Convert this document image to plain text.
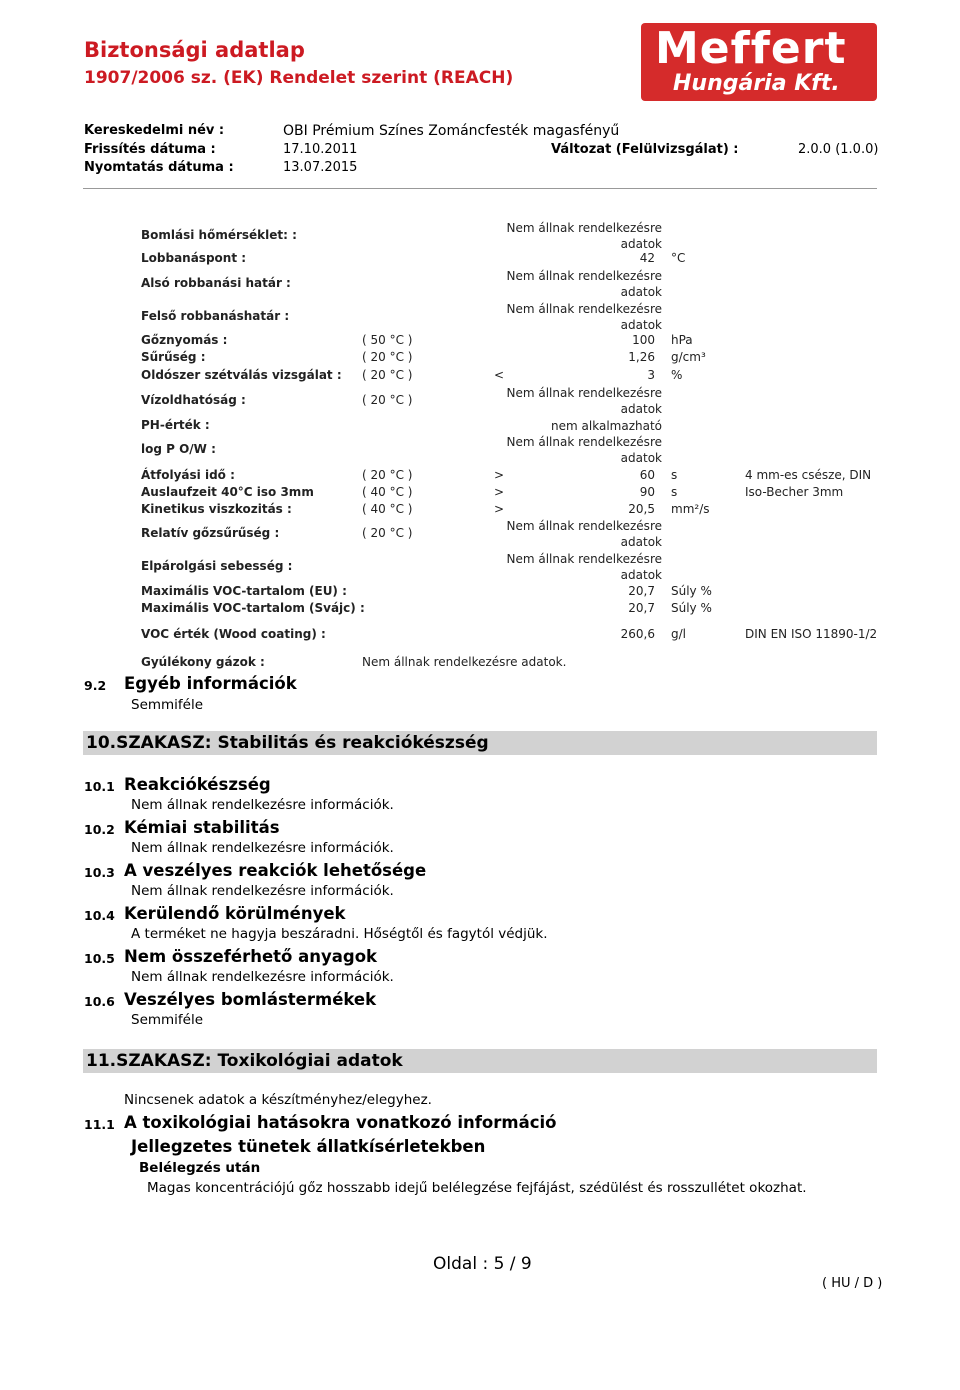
Biztonsági adatlap
1907/2006 sz. (EK) Rendelet szerint (REACH)
Meffert
Hungária Kft.
Kereskedelmi név :	OBI Prémium Színes Zománcfesték magasfényű
Frissítés dátuma :	17.10.2011	Változat (Felülvizsgálat) :	2.0.0 (1.0.0)
Nyomtatás dátuma :	13.07.2015
Bomlási hőmérséklet: :	Nem állnak rendelkezésre adatok
Lobbanáspont :	42 °C
Alsó robbanási határ :	Nem állnak rendelkezésre adatok
Felső robbanáshatár :	Nem állnak rendelkezésre adatok
Gőznyomás :	( 50 °C )	100 hPa
Sűrűség :	( 20 °C )	1,26 g/cm³
Oldószer szétválás vizsgálat : ( 20 °C )	<	3 %
Vízoldhatóság :	( 20 °C )	Nem állnak rendelkezésre adatok
PH-érték :	nem alkalmazható
log P O/W :	Nem állnak rendelkezésre adatok
Átfolyási idő :	( 20 °C )	>	60 s	4 mm-es csésze, DIN
Auslaufzeit 40°C iso 3mm	( 40 °C )	>	90 s	Iso-Becher 3mm
Kinetikus viszkozitás :	( 40 °C )	>	20,5 mm²/s
Relatív gőzsűrűség :	( 20 °C )	Nem állnak rendelkezésre adatok
Elpárolgási sebesség :	Nem állnak rendelkezésre adatok
Maximális VOC-tartalom (EU) :	20,7 Súly %
Maximális VOC-tartalom (Svájc) :	20,7 Súly %
VOC érték (Wood coating) :	260,6 g/l	DIN EN ISO 11890-1/2
Gyúlékony gázok :	Nem állnak rendelkezésre adatok.
9.2 Egyéb információk
Semmiféle
10.SZAKASZ: Stabilitás és reakciókészség
10.1 Reakciókészség
Nem állnak rendelkezésre információk.
10.2 Kémiai stabilitás
Nem állnak rendelkezésre információk.
10.3 A veszélyes reakciók lehetősége
Nem állnak rendelkezésre információk.
10.4 Kerülendő körülmények
A terméket ne hagyja beszáradni. Hőségtől és fagytól védjük.
10.5 Nem összeférhető anyagok
Nem állnak rendelkezésre információk.
10.6 Veszélyes bomlástermékek
Semmiféle
11.SZAKASZ: Toxikológiai adatok
Nincsenek adatok a készítményhez/elegyhez.
11.1 A toxikológiai hatásokra vonatkozó információ
Jellegzetes tünetek állatkísérletekben
Belélegzés után
Magas koncentrációjú gőz hosszabb idejű belélegzése fejfájást, szédülést és rosszullétet okozhat.
Oldal : 5 / 9
( HU / D )
